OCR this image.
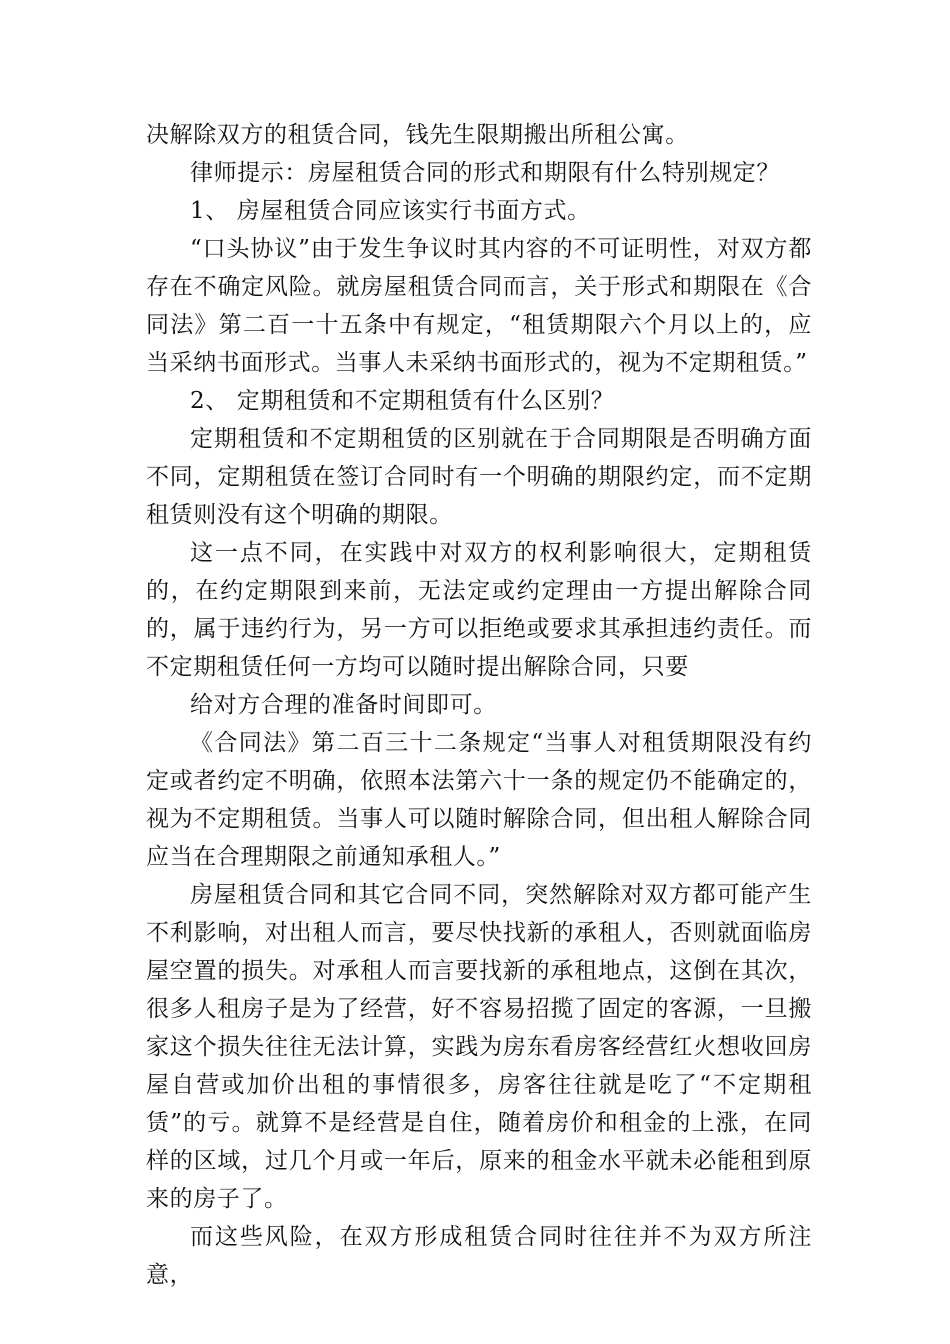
决解除双方的租赁合同，钱先生限期搬出所租公寓。

律师提示：房屋租赁合同的形式和期限有什么特别规定？

1、 房屋租赁合同应该实行书面方式。

“口头协议”由于发生争议时其内容的不可证明性，对双方都存在不确定风险。就房屋租赁合同而言，关于形式和期限在《合同法》第二百一十五条中有规定，“租赁期限六个月以上的，应当采纳书面形式。当事人未采纳书面形式的，视为不定期租赁。”

2、 定期租赁和不定期租赁有什么区别？

定期租赁和不定期租赁的区别就在于合同期限是否明确方面不同，定期租赁在签订合同时有一个明确的期限约定，而不定期租赁则没有这个明确的期限。

这一点不同，在实践中对双方的权利影响很大，定期租赁的，在约定期限到来前，无法定或约定理由一方提出解除合同的，属于违约行为，另一方可以拒绝或要求其承担违约责任。而不定期租赁任何一方均可以随时提出解除合同，只要

给对方合理的准备时间即可。

《合同法》第二百三十二条规定“当事人对租赁期限没有约定或者约定不明确，依照本法第六十一条的规定仍不能确定的，视为不定期租赁。当事人可以随时解除合同，但出租人解除合同应当在合理期限之前通知承租人。”

房屋租赁合同和其它合同不同，突然解除对双方都可能产生不利影响，对出租人而言，要尽快找新的承租人，否则就面临房屋空置的损失。对承租人而言要找新的承租地点，这倒在其次，很多人租房子是为了经营，好不容易招揽了固定的客源，一旦搬家这个损失往往无法计算，实践为房东看房客经营红火想收回房屋自营或加价出租的事情很多，房客往往就是吃了“不定期租赁”的亏。就算不是经营是自住，随着房价和租金的上涨，在同样的区域，过几个月或一年后，原来的租金水平就未必能租到原来的房子了。

而这些风险，在双方形成租赁合同时往往并不为双方所注意，
